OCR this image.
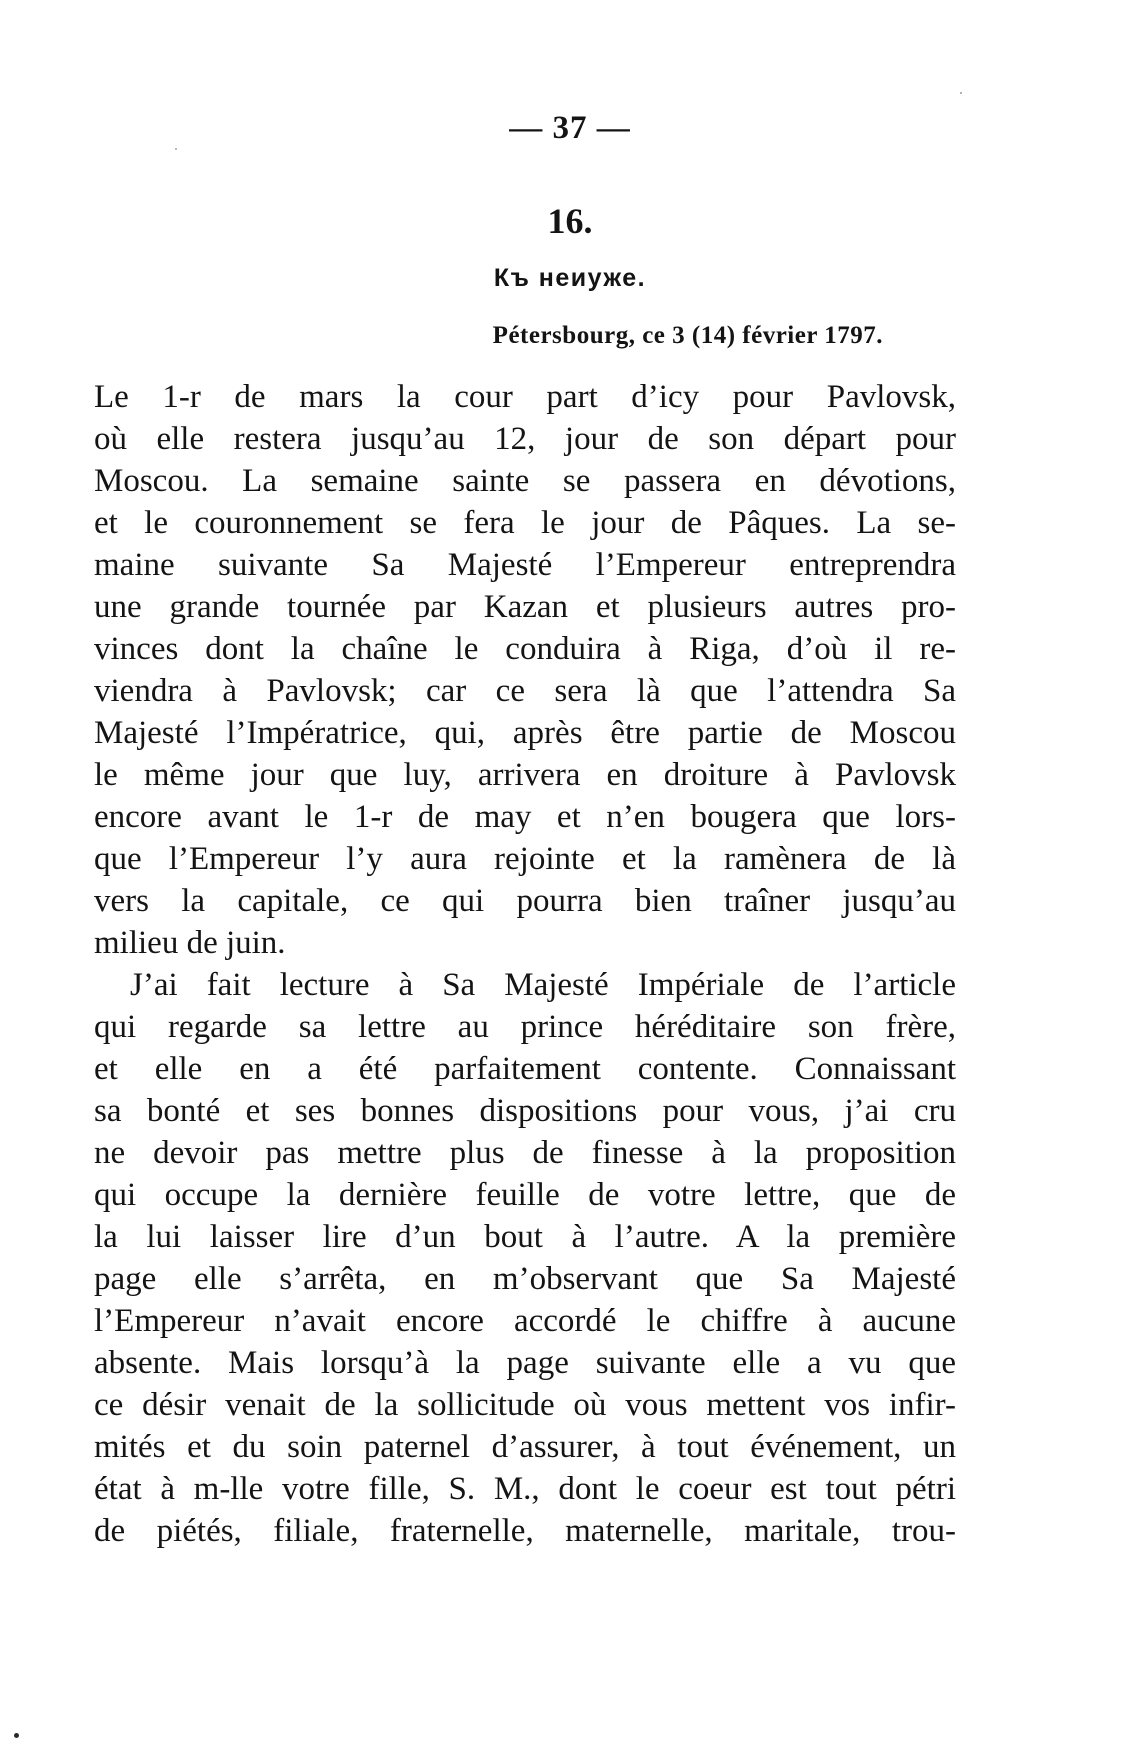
— 37 —
16.
Къ неиуже.
Pétersbourg, ce 3 (14) février 1797.
Le 1-r de mars la cour part d’icy pour Pavlovsk,
où elle restera jusqu’au 12, jour de son départ pour
Moscou. La semaine sainte se passera en dévotions,
et le couronnement se fera le jour de Pâques. La se-
maine suivante Sa Majesté l’Empereur entreprendra
une grande tournée par Kazan et plusieurs autres pro-
vinces dont la chaîne le conduira à Riga, d’où il re-
viendra à Pavlovsk; car ce sera là que l’attendra Sa
Majesté l’Impératrice, qui, après être partie de Moscou
le même jour que luy, arrivera en droiture à Pavlovsk
encore avant le 1-r de may et n’en bougera que lors-
que l’Empereur l’y aura rejointe et la ramènera de là
vers la capitale, ce qui pourra bien traîner jusqu’au
milieu de juin.
J’ai fait lecture à Sa Majesté Impériale de l’article
qui regarde sa lettre au prince héréditaire son frère,
et elle en a été parfaitement contente. Connaissant
sa bonté et ses bonnes dispositions pour vous, j’ai cru
ne devoir pas mettre plus de finesse à la proposition
qui occupe la dernière feuille de votre lettre, que de
la lui laisser lire d’un bout à l’autre. A la première
page elle s’arrêta, en m’observant que Sa Majesté
l’Empereur n’avait encore accordé le chiffre à aucune
absente. Mais lorsqu’à la page suivante elle a vu que
ce désir venait de la sollicitude où vous mettent vos infir-
mités et du soin paternel d’assurer, à tout événement, un
état à m-lle votre fille, S. M., dont le coeur est tout pétri
de piétés, filiale, fraternelle, maternelle, maritale, trou-
